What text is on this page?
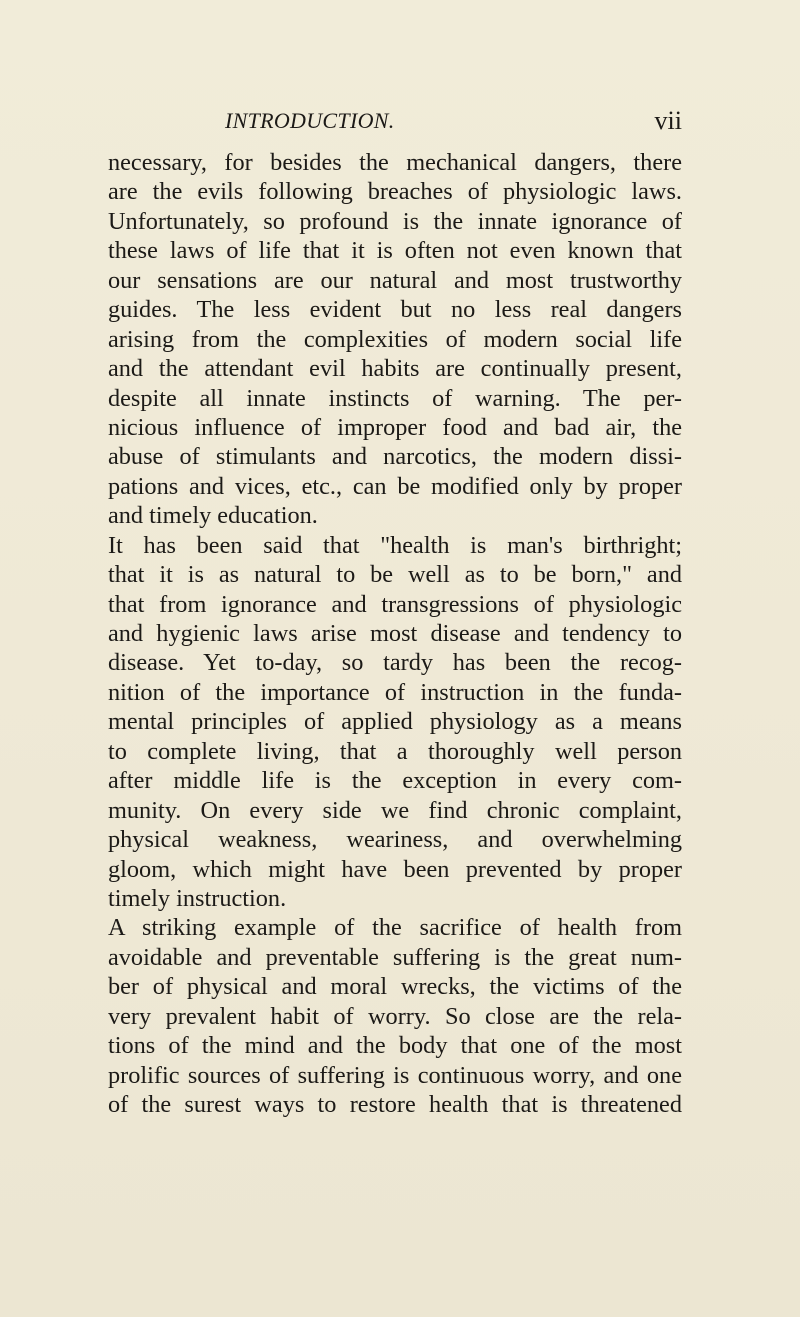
INTRODUCTION.	vii
necessary, for besides the mechanical dangers, there
are the evils following breaches of physiologic laws.
Unfortunately, so profound is the innate ignorance of
these laws of life that it is often not even known that
our sensations are our natural and most trustworthy
guides. The less evident but no less real dangers
arising from the complexities of modern social life
and the attendant evil habits are continually present,
despite all innate instincts of warning. The per-
nicious influence of improper food and bad air, the
abuse of stimulants and narcotics, the modern dissi-
pations and vices, etc., can be modified only by proper
and timely education.
It has been said that "health is man's birthright;
that it is as natural to be well as to be born," and
that from ignorance and transgressions of physiologic
and hygienic laws arise most disease and tendency to
disease. Yet to-day, so tardy has been the recog-
nition of the importance of instruction in the funda-
mental principles of applied physiology as a means
to complete living, that a thoroughly well person
after middle life is the exception in every com-
munity. On every side we find chronic complaint,
physical weakness, weariness, and overwhelming
gloom, which might have been prevented by proper
timely instruction.
A striking example of the sacrifice of health from
avoidable and preventable suffering is the great num-
ber of physical and moral wrecks, the victims of the
very prevalent habit of worry. So close are the rela-
tions of the mind and the body that one of the most
prolific sources of suffering is continuous worry, and one
of the surest ways to restore health that is threatened
